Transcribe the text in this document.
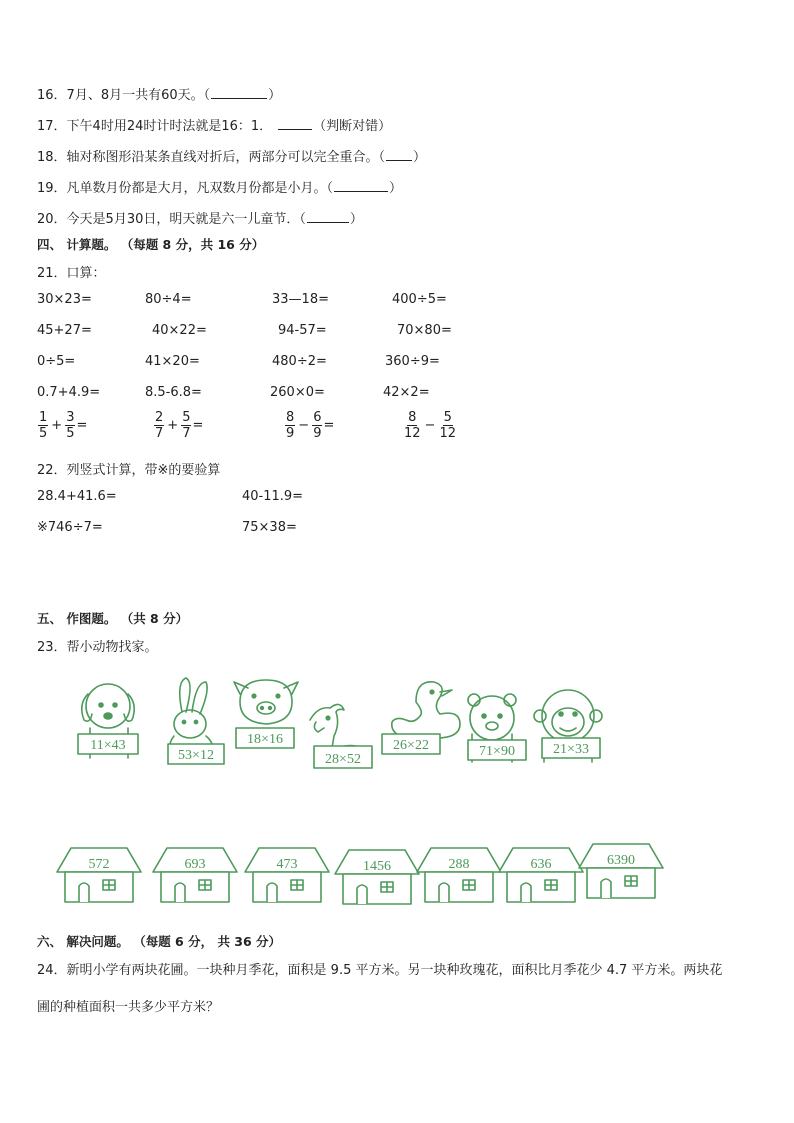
16．7月、8月一共有60天。（	）
17．下午4时用24时计时法就是16：1．	（判断对错）
18．轴对称图形沿某条直线对折后，两部分可以完全重合。（ ）
19．凡单数月份都是大月，凡双数月份都是小月。（	）
20．今天是5月30日，明天就是六一儿童节．（	）
四、 计算题。 （每题 8 分，共 16 分）
21．口算：
30×23=	80÷4=	33—18=	400÷5=
45+27=	40×22=	94-57=	70×80=
0÷5=	41×20=	480÷2=	360÷9=
0.7+4.9=	8.5-6.8=	260×0=	42×2=
$\frac{1}{5} + \frac{3}{5}$ =	$\frac{2}{7} + \frac{5}{7}$ =	$\frac{8}{9} - \frac{6}{9}$ =	$\frac{8}{12} - \frac{5}{12}$
22．列竖式计算，带※的要验算
28.4+41.6=	40-11.9=
※746÷7=	75×38=
五、 作图题。 （共 8 分）
23．帮小动物找家。
11×43
53×12
18×16
28×52
26×22	71×90	21×33
572	693	473	1456	288	636	6390
六、 解决问题。 （每题 6 分， 共 36 分）
24．新明小学有两块花圃。一块种月季花，面积是 9.5 平方米。另一块种玫瑰花，面积比月季花少 4.7 平方米。两块花
圃的种植面积一共多少平方米？
